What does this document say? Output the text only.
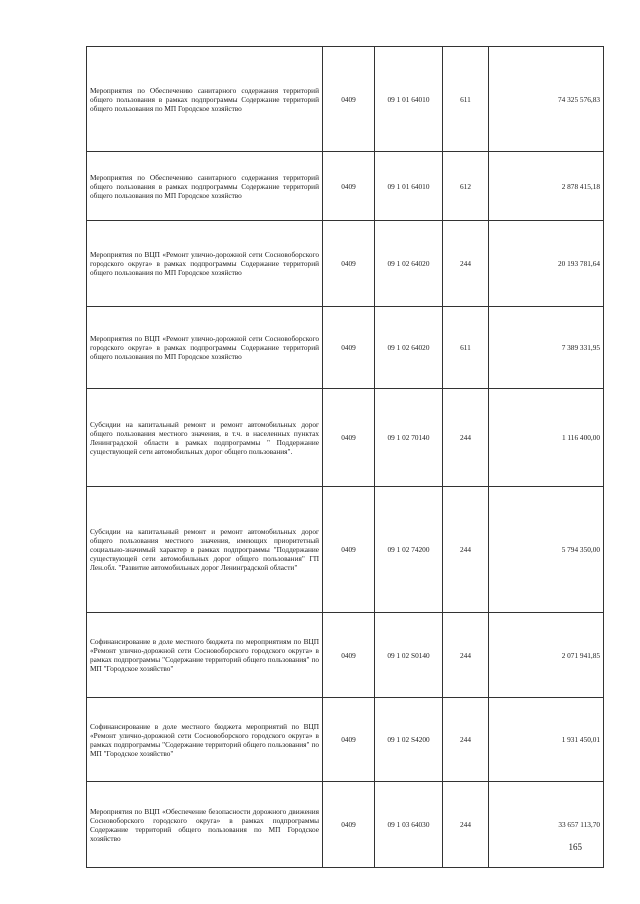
Мероприятия по Обеспечению санитарного содержания территорий общего пользования в рамках подпрограммы Содержание территорий общего пользования по МП Городское хозяйство	0409	09 1 01 64010	611	74 325 576,83
Мероприятия по Обеспечению санитарного содержания территорий общего пользования в рамках подпрограммы Содержание территорий общего пользования по МП Городское хозяйство	0409	09 1 01 64010	612	2 878 415,18
Мероприятия по ВЦП «Ремонт улично-дорожной сети Сосновоборского городского округа» в рамках подпрограммы Содержание территорий общего пользования по МП Городское хозяйство	0409	09 1 02 64020	244	20 193 781,64
Мероприятия по ВЦП «Ремонт улично-дорожной сети Сосновоборского городского округа» в рамках подпрограммы Содержание территорий общего пользования по МП Городское хозяйство	0409	09 1 02 64020	611	7 389 331,95
Субсидии на капитальный ремонт и ремонт автомобильных дорог общего пользования местного значения, в т.ч. в населенных пунктах Ленинградской области в рамках подпрограммы " Поддержание существующей сети автомобильных дорог общего пользования".	0409	09 1 02 70140	244	1 116 400,00
Субсидии на капитальный ремонт и ремонт автомобильных дорог общего пользования местного значения, имеющих приоритетный социально-значимый характер в рамках подпрограммы "Поддержание существующей сети автомобильных дорог общего пользования" ГП Лен.обл. "Развитие автомобильных дорог Ленинградской области"	0409	09 1 02 74200	244	5 794 350,00
Софинансирование в доле местного бюджета по мероприятиям по ВЦП «Ремонт улично-дорожной сети Сосновоборского городского округа» в рамках подпрограммы "Содержание территорий общего пользования" по МП "Городское хозяйство"	0409	09 1 02 S0140	244	2 071 941,85
Софинансирование в доле местного бюджета мероприятий по ВЦП «Ремонт улично-дорожной сети Сосновоборского городского округа» в рамках подпрограммы "Содержание территорий общего пользования" по МП "Городское хозяйство"	0409	09 1 02 S4200	244	1 931 450,01
Мероприятия по ВЦП «Обеспечение безопасности дорожного движения Сосновоборского городского округа» в рамках подпрограммы Содержание территорий общего пользования по МП Городское хозяйство	0409	09 1 03 64030	244	33 657 113,70
165
